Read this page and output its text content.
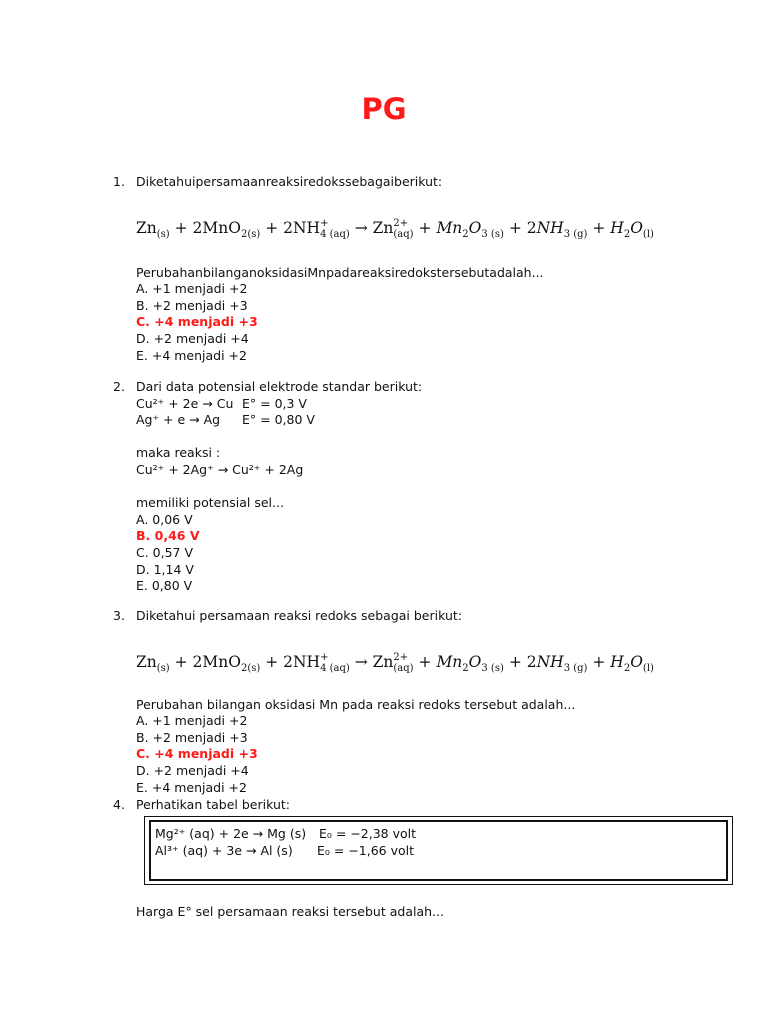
PG
1. Diketahuipersamaanreaksiredokssebagaiberikut:
$Zn_{(s)} + 2MnO_{2(s)} + 2NH+$
4 (aq) → Zn2+
$(aq) + Mn_2O_{3 (s)} + 2NH_{3 (g)} + H_2O_{(l)}$
PerubahanbilanganoksidasiMnpadareaksiredokstersebutadalah...
A. +1 menjadi +2
B. +2 menjadi +3
C. +4 menjadi +3
D. +2 menjadi +4
E. +4 menjadi +2
2. Dari data potensial elektrode standar berikut:
Cu²⁺ + 2e → Cu E° = 0,3 V
Ag⁺ + e → Ag E° = 0,80 V
maka reaksi :
Cu²⁺ + 2Ag⁺ → Cu²⁺ + 2Ag
memiliki potensial sel...
A. 0,06 V
B. 0,46 V
C. 0,57 V
D. 1,14 V
E. 0,80 V
3. Diketahui persamaan reaksi redoks sebagai berikut:
$Zn_{(s)} + 2MnO_{2(s)} + 2NH+$
4 (aq) → Zn2+
$(aq) + Mn_2O_{3 (s)} + 2NH_{3 (g)} + H_2O_{(l)}$
Perubahan bilangan oksidasi Mn pada reaksi redoks tersebut adalah...
A. +1 menjadi +2
B. +2 menjadi +3
C. +4 menjadi +3
D. +2 menjadi +4
E. +4 menjadi +2
4. Perhatikan tabel berikut:
Mg²⁺ (aq) + 2e → Mg (s) E₀ = −2,38 volt
Al³⁺ (aq) + 3e → Al (s) E₀ = −1,66 volt
Harga E° sel persamaan reaksi tersebut adalah...
